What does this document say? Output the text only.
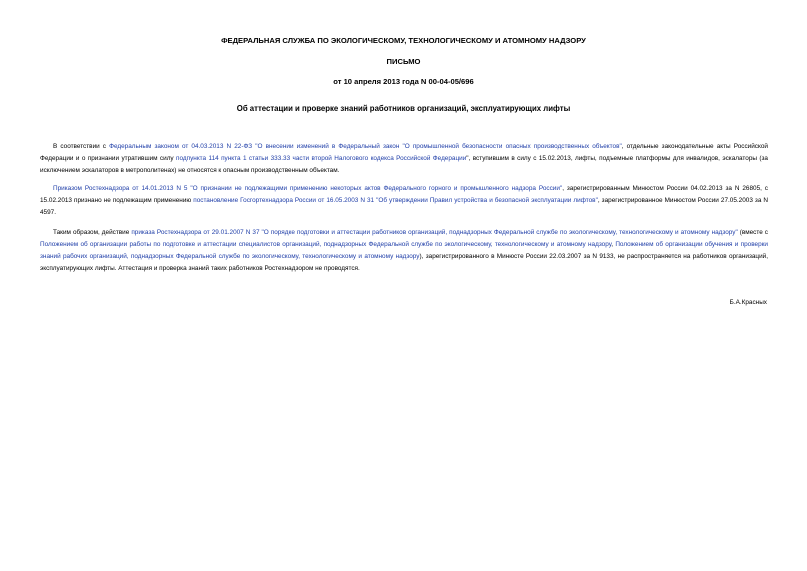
ФЕДЕРАЛЬНАЯ СЛУЖБА ПО ЭКОЛОГИЧЕСКОМУ, ТЕХНОЛОГИЧЕСКОМУ И АТОМНОМУ НАДЗОРУ
ПИСЬМО
от 10 апреля 2013 года N 00-04-05/696
Об аттестации и проверке знаний работников организаций, эксплуатирующих лифты

В соответствии с Федеральным законом от 04.03.2013 N 22-ФЗ "О внесении изменений в Федеральный закон "О промышленной безопасности опасных производственных объектов", отдельные законодательные акты Российской Федерации и о признании утратившим силу подпункта 114 пункта 1 статьи 333.33 части второй Налогового кодекса Российской Федерации", вступившим в силу с 15.02.2013, лифты, подъемные платформы для инвалидов, эскалаторы (за исключением эскалаторов в метрополитенах) не относятся к опасным производственным объектам.

Приказом Ростехнадзора от 14.01.2013 N 5 "О признании не подлежащими применению некоторых актов Федерального горного и промышленного надзора России", зарегистрированным Минюстом России 04.02.2013 за N 26805, с 15.02.2013 признано не подлежащим применению постановление Госгортехнадзора России от 16.05.2003 N 31 "Об утверждении Правил устройства и безопасной эксплуатации лифтов", зарегистрированное Минюстом России 27.05.2003 за N 4597.

Таким образом, действие приказа Ростехнадзора от 29.01.2007 N 37 "О порядке подготовки и аттестации работников организаций, поднадзорных Федеральной службе по экологическому, технологическому и атомному надзору" (вместе с Положением об организации работы по подготовке и аттестации специалистов организаций, поднадзорных Федеральной службе по экологическому, технологическому и атомному надзору, Положением об организации обучения и проверки знаний рабочих организаций, поднадзорных Федеральной службе по экологическому, технологическому и атомному надзору), зарегистрированного в Минюсте России 22.03.2007 за N 9133, не распространяется на работников организаций, эксплуатирующих лифты. Аттестация и проверка знаний таких работников Ростехнадзором не проводятся.

Б.А.Красных
